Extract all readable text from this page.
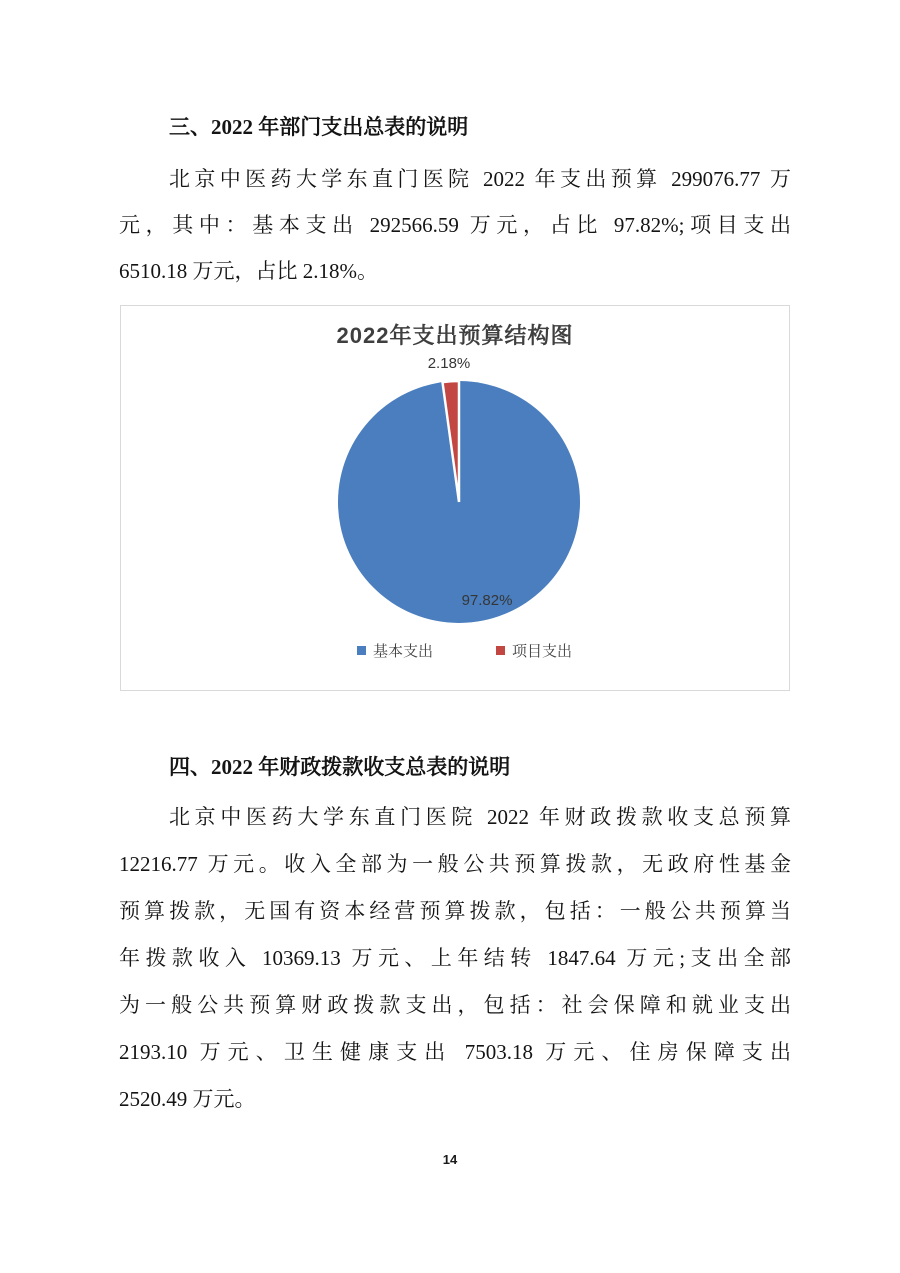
三、2022 年部门支出总表的说明
北京中医药大学东直门医院 2022 年支出预算 299076.77 万
元，其中：基本支出 292566.59 万元，占比 97.82%;项目支出
6510.18 万元，占比 2.18%。
2022年支出预算结构图
2.18%
97.82%
基本支出	项目支出
四、2022 年财政拨款收支总表的说明
北京中医药大学东直门医院 2022 年财政拨款收支总预算
12216.77 万元。收入全部为一般公共预算拨款，无政府性基金
预算拨款，无国有资本经营预算拨款，包括：一般公共预算当
年拨款收入 10369.13 万元、上年结转 1847.64 万元;支出全部
为一般公共预算财政拨款支出，包括：社会保障和就业支出
2193.10 万元、卫生健康支出 7503.18 万元、住房保障支出
2520.49 万元。
14
